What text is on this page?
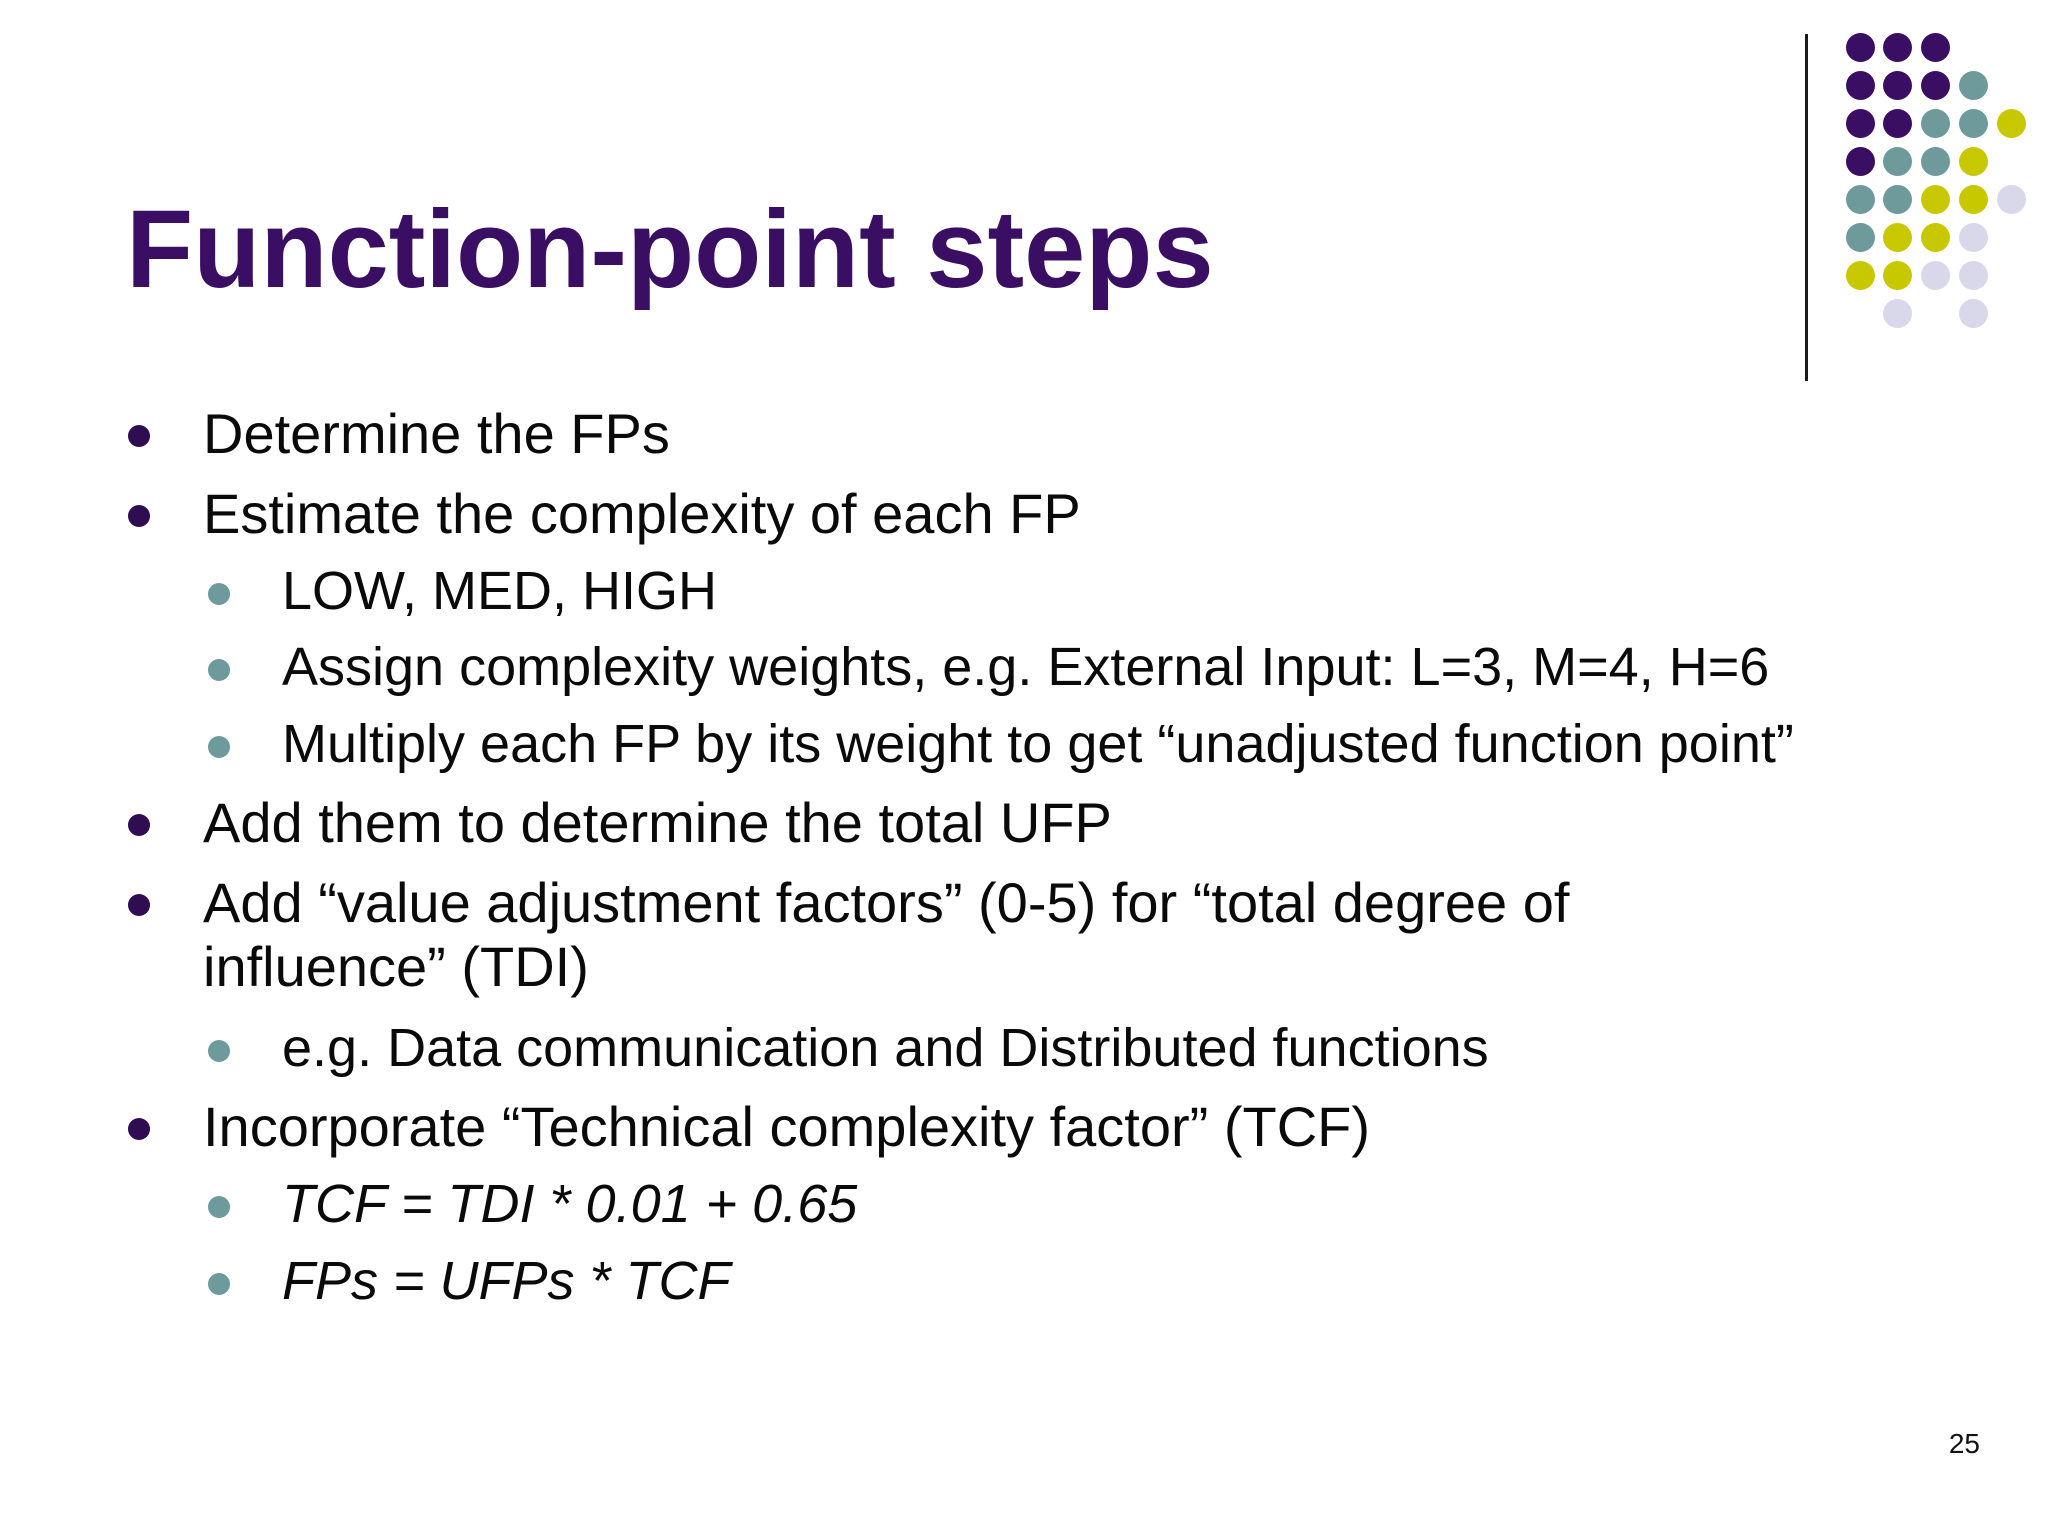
Function-point steps

Determine the FPs

Estimate the complexity of each FP

LOW, MED, HIGH

Assign complexity weights, e.g. External Input: L=3, M=4, H=6

Multiply each FP by its weight to get “unadjusted function point”

Add them to determine the total UFP

Add “value adjustment factors” (0-5) for “total degree of influence” (TDI)

e.g. Data communication and Distributed functions

Incorporate “Technical complexity factor” (TCF)

TCF = TDI * 0.01 + 0.65

FPs = UFPs * TCF

25
